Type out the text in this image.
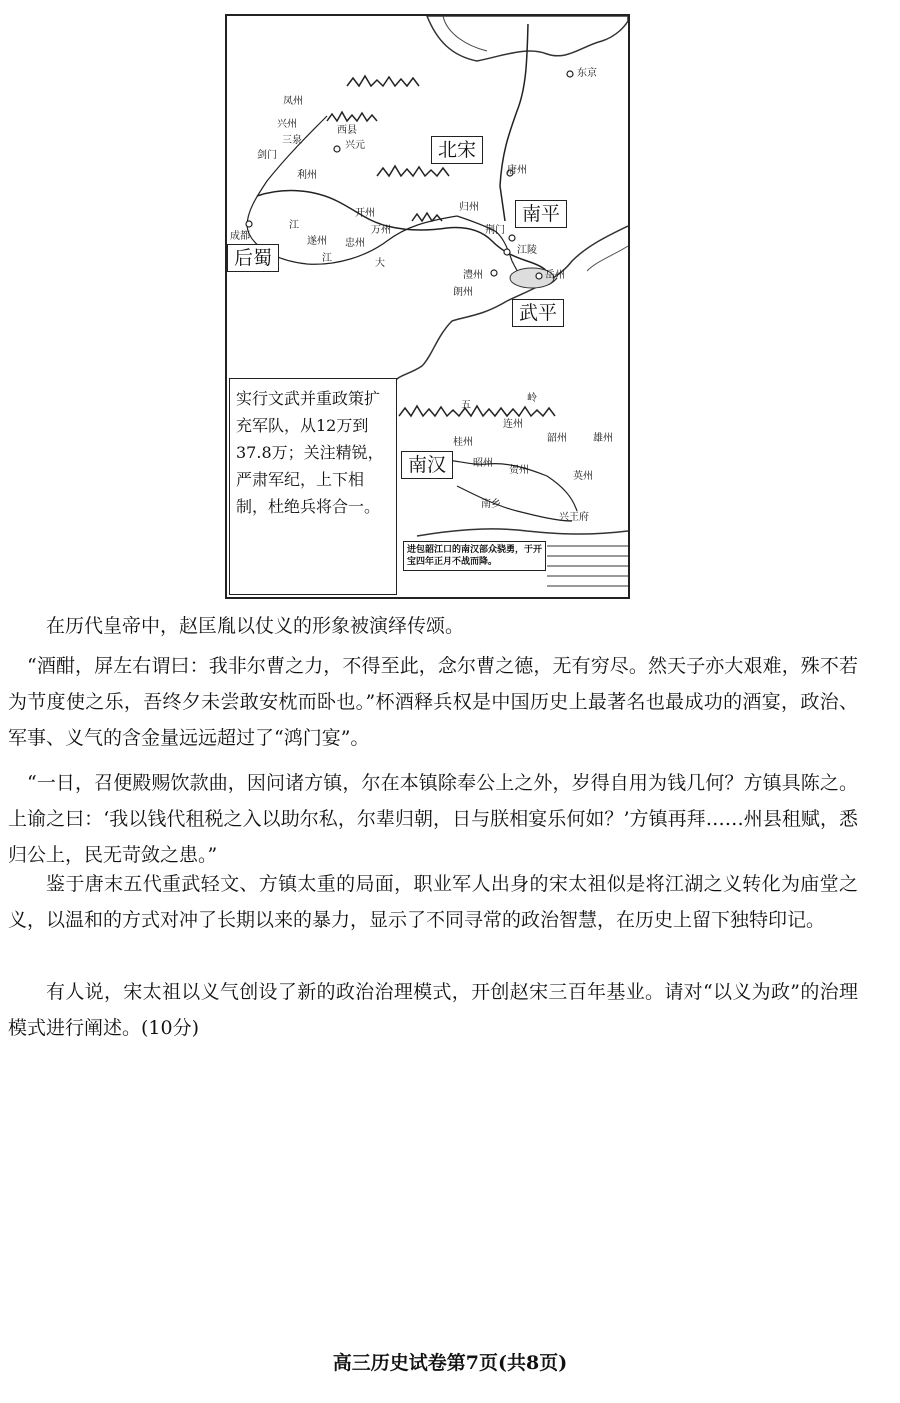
北宋
南平
武平
后蜀
南汉
东京
唐州
荆门
江陵
岳州
朗州
澧州
归州
开州
万州
忠州
遂州
成都
凤州
兴州
剑门
兴元
西县
利州
三泉
江
江	大
五
岭
连州
韶州	雄州
昭州
桂州
贺州
英州
南乡
兴王府
实行文武并重政策扩充军队，从12万到37.8万；关注精锐，严肃军纪，上下相制，杜绝兵将合一。
进包韶江口的南汉部众骁勇，于开宝四年正月不战而降。
在历代皇帝中，赵匡胤以仗义的形象被演绎传颂。
“酒酣，屏左右谓曰：我非尔曹之力，不得至此，念尔曹之德，无有穷尽。然天子亦大艰难，殊不若为节度使之乐，吾终夕未尝敢安枕而卧也。”杯酒释兵权是中国历史上最著名也最成功的酒宴，政治、军事、义气的含金量远远超过了“鸿门宴”。
“一日，召便殿赐饮款曲，因问诸方镇，尔在本镇除奉公上之外，岁得自用为钱几何？方镇具陈之。上谕之曰：‘我以钱代租税之入以助尔私，尔辈归朝，日与朕相宴乐何如？’方镇再拜……州县租赋，悉归公上，民无苛敛之患。”
鉴于唐末五代重武轻文、方镇太重的局面，职业军人出身的宋太祖似是将江湖之义转化为庙堂之义，以温和的方式对冲了长期以来的暴力，显示了不同寻常的政治智慧，在历史上留下独特印记。
有人说，宋太祖以义气创设了新的政治治理模式，开创赵宋三百年基业。请对“以义为政”的治理模式进行阐述。(10分)
高三历史试卷第7页(共8页)
